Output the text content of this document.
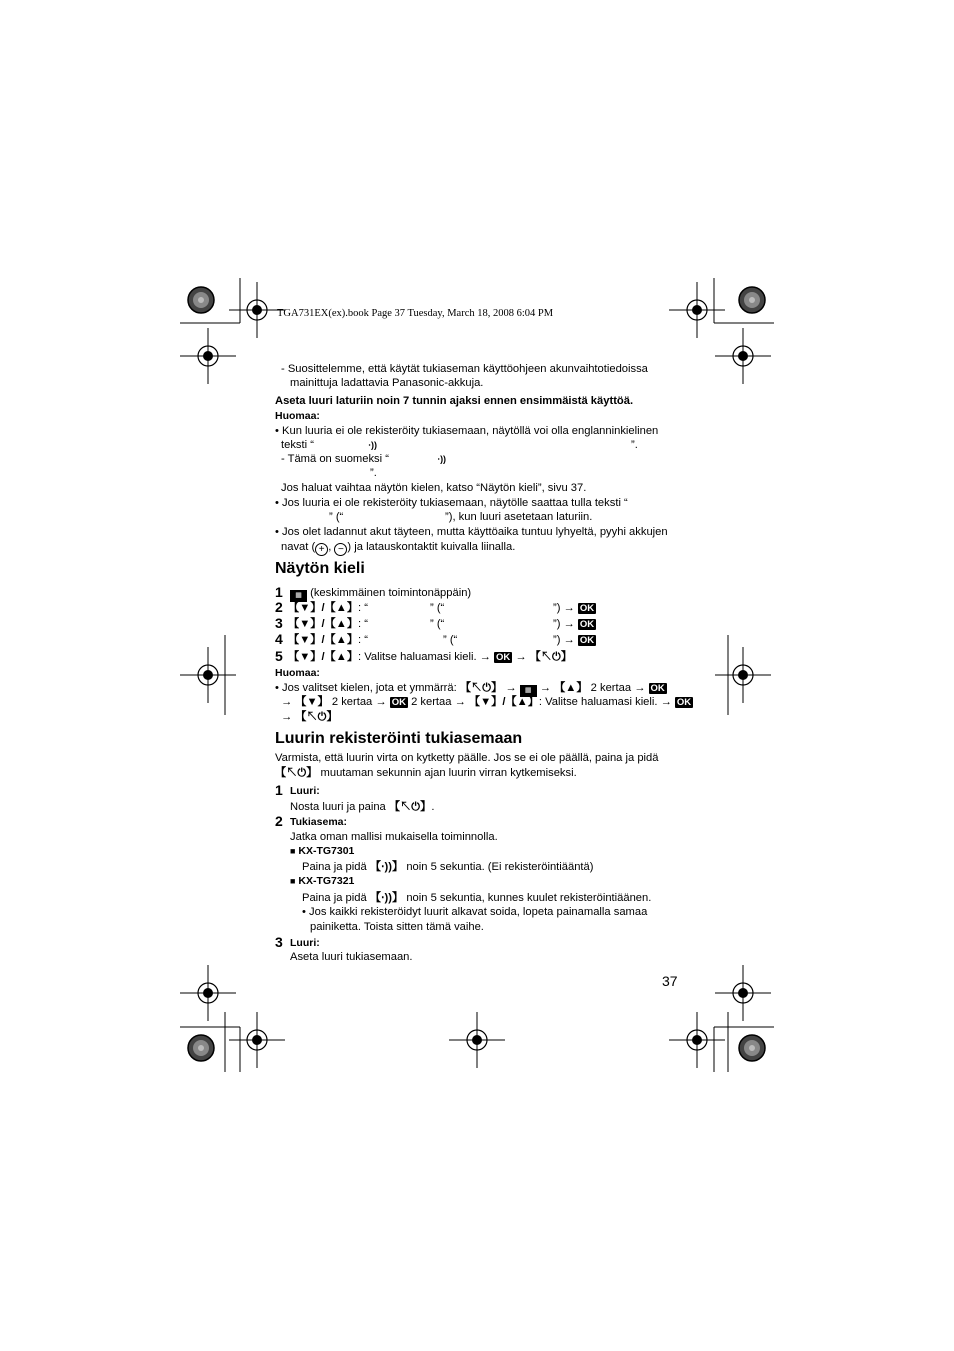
TGA731EX(ex).book Page 37 Tuesday, March 18, 2008 6:04 PM
- Suosittelemme, että käytät tukiaseman käyttöohjeen akunvaihtotiedoissa
mainittuja ladattavia Panasonic-akkuja.
Aseta luuri laturiin noin 7 tunnin ajaksi ennen ensimmäistä käyttöä.
Huomaa:
• Kun luuria ei ole rekisteröity tukiasemaan, näytöllä voi olla englanninkielinen
teksti “	⋅))	”.
- Tämä on suomeksi “	⋅))
”.
Jos haluat vaihtaa näytön kielen, katso “Näytön kieli”, sivu 37.
• Jos luuria ei ole rekisteröity tukiasemaan, näytölle saattaa tulla teksti “
” (“	”), kun luuri asetetaan laturiin.
• Jos olet ladannut akut täyteen, mutta käyttöaika tuntuu lyhyeltä, pyyhi akkujen
navat ( + , − ) ja latauskontaktit kuivalla liinalla.
Näytön kieli
1	▦ (keskimmäinen toimintonäppäin)
2 【▼】/【▲】: “	” (“	”) → OK
3 【▼】/【▲】: “	” (“	”) → OK
4 【▼】/【▲】: “	” (“	”) → OK
5 【▼】/【▲】: Valitse haluamasi kieli. → OK → 【↖⏻】
Huomaa:
• Jos valitset kielen, jota et ymmärrä: 【↖⏻】 → ▦ → 【▲】 2 kertaa → OK
→ 【▼】 2 kertaa → OK 2 kertaa → 【▼】/【▲】: Valitse haluamasi kieli. → OK
→ 【↖⏻】
Luurin rekisteröinti tukiasemaan
Varmista, että luurin virta on kytketty päälle. Jos se ei ole päällä, paina ja pidä
【↖⏻】 muutaman sekunnin ajan luurin virran kytkemiseksi.
1 Luuri:
Nosta luuri ja paina 【↖⏻】.
2 Tukiasema:
Jatka oman mallisi mukaisella toiminnolla.
■ KX-TG7301
Paina ja pidä 【⋅))】 noin 5 sekuntia. (Ei rekisteröintiääntä)
■ KX-TG7321
Paina ja pidä 【⋅))】 noin 5 sekuntia, kunnes kuulet rekisteröintiäänen.
• Jos kaikki rekisteröidyt luurit alkavat soida, lopeta painamalla samaa
painiketta. Toista sitten tämä vaihe.
3 Luuri:
Aseta luuri tukiasemaan.
37
